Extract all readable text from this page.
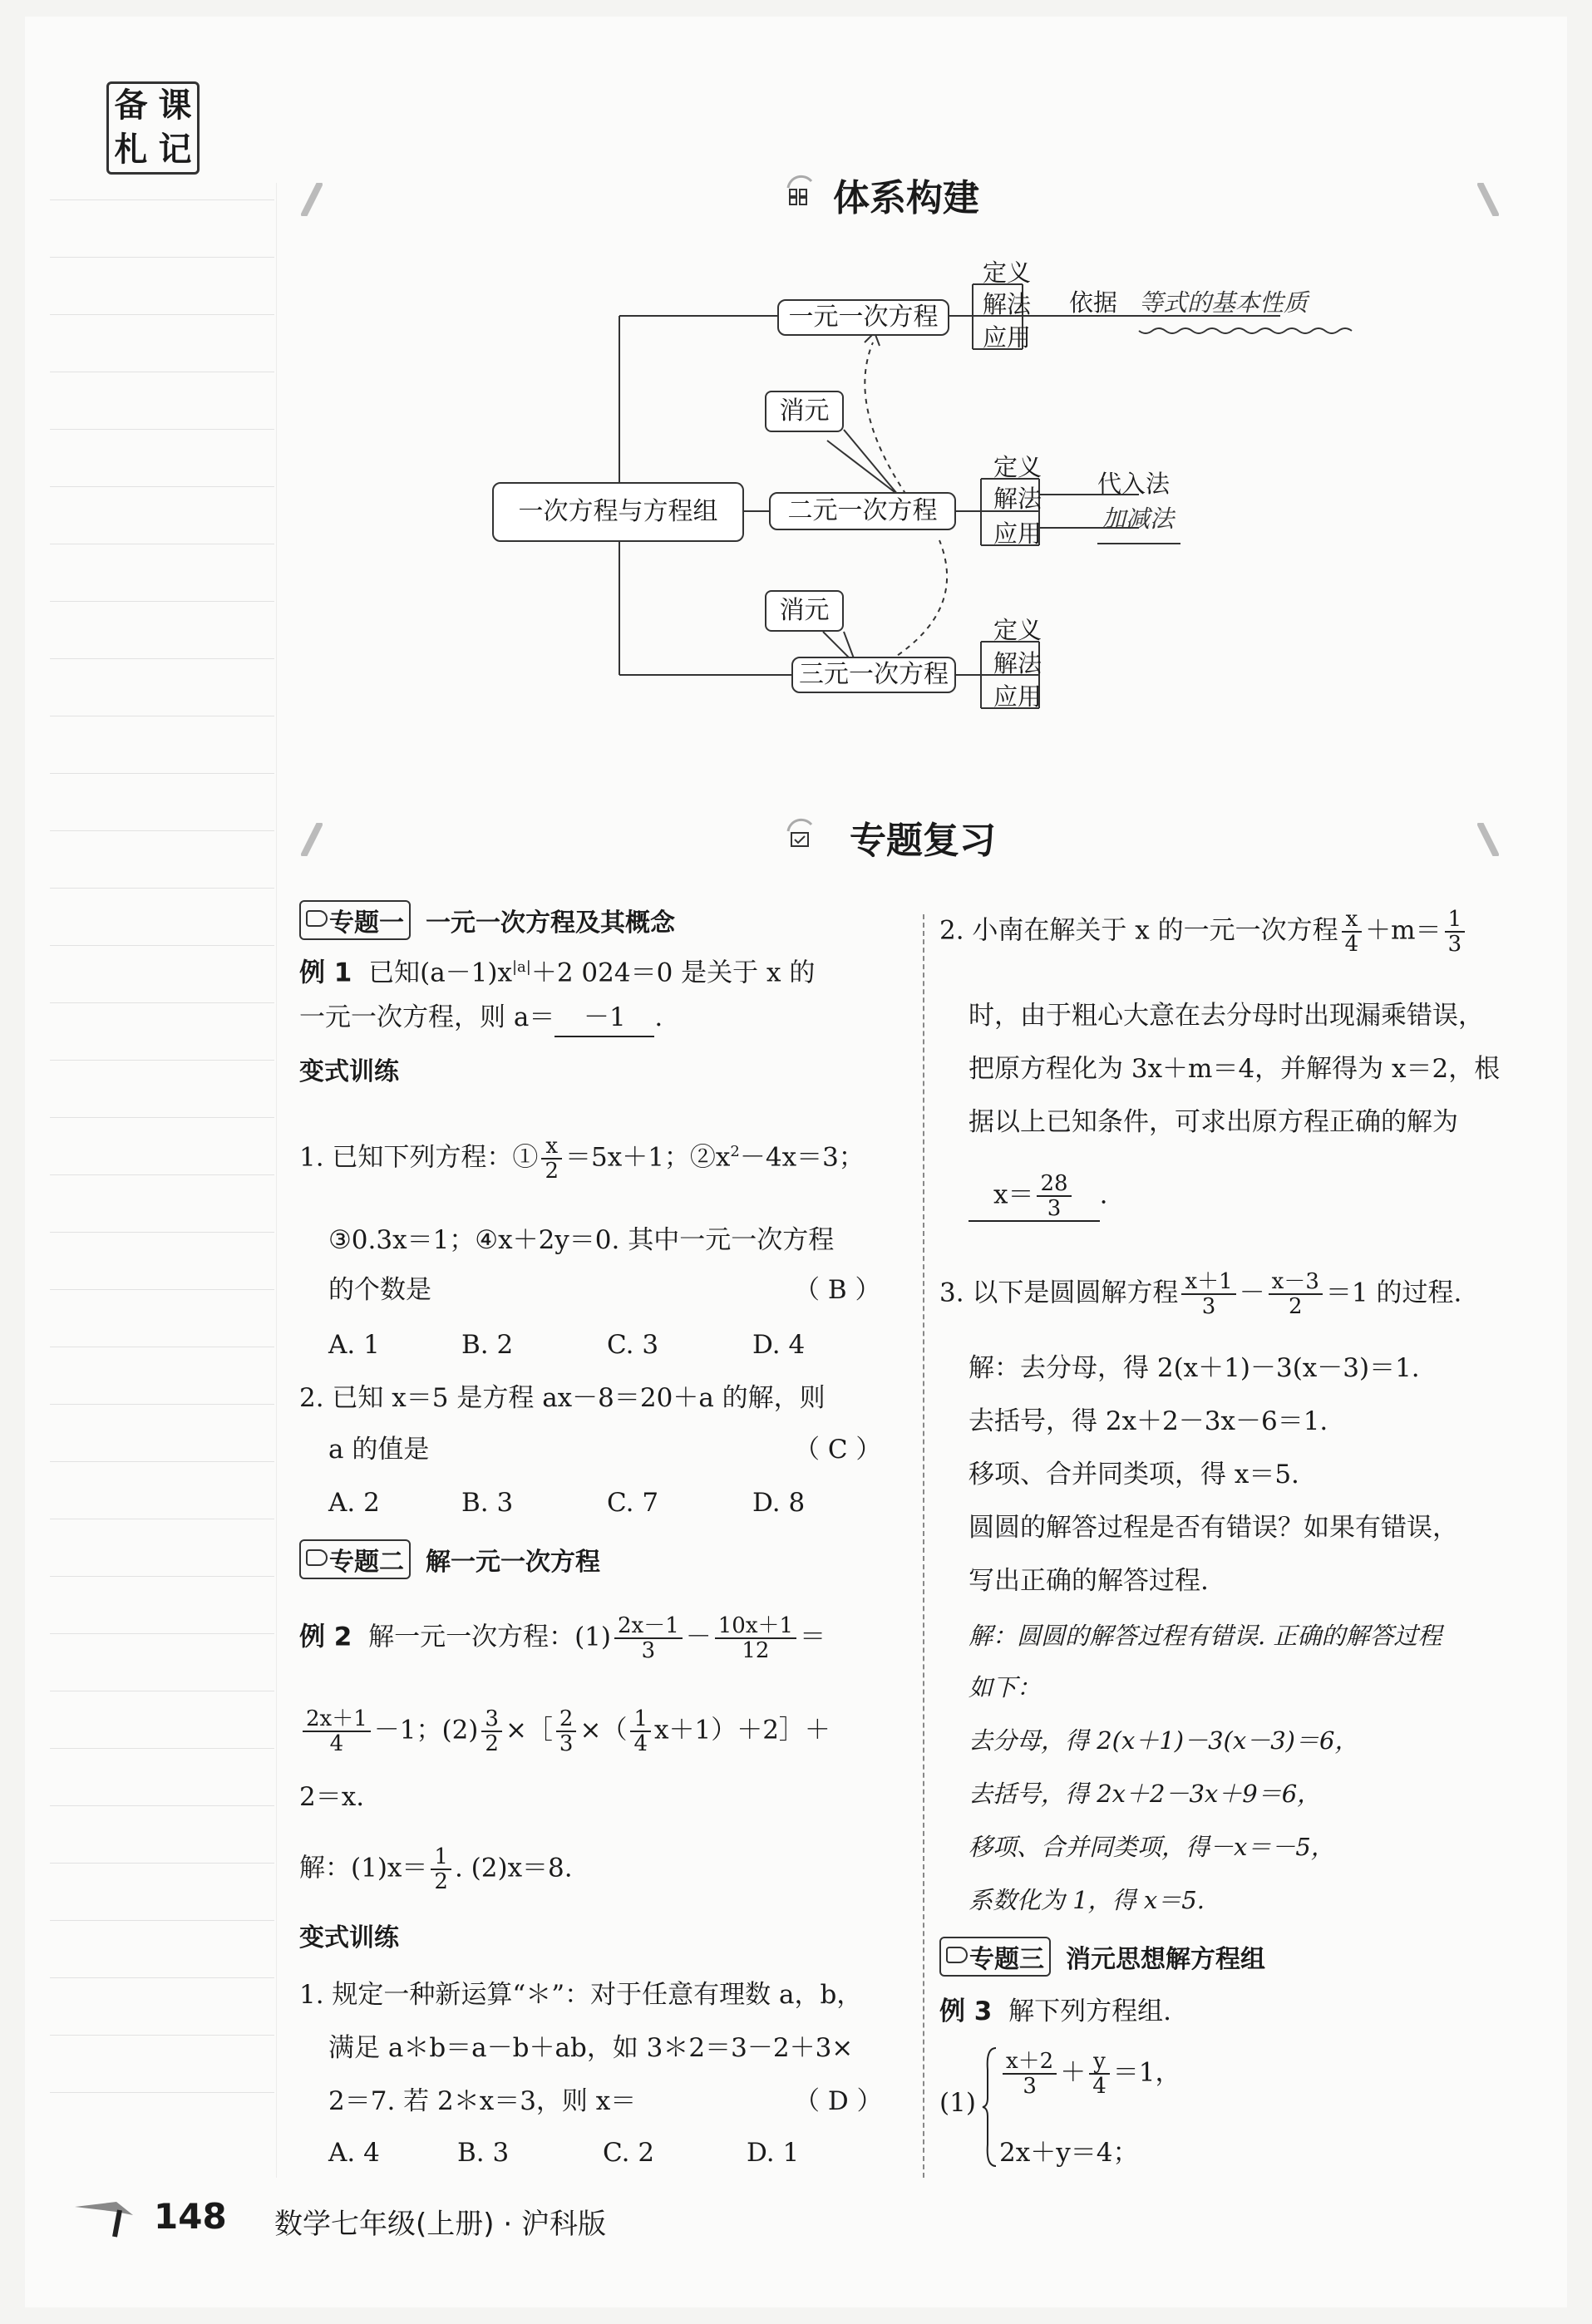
备 课
札 记
体系构建
一次方程与方程组
一元一次方程
二元一次方程
三元一次方程
消元
消元
定义
解法
应用
依据 等式的基本性质
定义
解法
应用
代入法
加减法
定义
解法
应用
专题复习
专题一 一元一次方程及其概念
例 1 已知$(a-1)x^{|a|}+2$ 024＝0 是关于 x 的
一元一次方程，则 a＝ －1 .
变式训练
1. 已知下列方程：① $\frac{x}{2} =5x+1$；$②x^2-4x=3$；
③0.3x＝1；④x＋2y＝0. 其中一元一次方程
的个数是	（ B ）
A. 1	B. 2	C. 3	D. 4
2. 已知 x＝5 是方程 ax－8＝20＋a 的解，则
a 的值是	（ C ）
A. 2	B. 3	C. 7	D. 8
专题二 解一元一次方程
例 2 解一元一次方程：$(1) \frac{2x-1}{3} - \frac{10x+1}{12}$ ＝
$\frac{2x+1}{4} -1$；$(2) \frac{3}{2}$ ×［ $\frac{2}{3}$ ×（ $\frac{1}{4}$ x＋1）＋2］＋
2＝x.
解：$(1)x= \frac{1}{2}$ . (2)x＝8.
变式训练
1. 规定一种新运算“＊”：对于任意有理数 a，b，
满足 a＊b＝a－b＋ab，如 3＊2＝3－2＋3×
2＝7. 若 2＊x＝3，则 x＝	（ D ）
A. 4	B. 3	C. 2	D. 1
2. 小南在解关于 x 的一元一次方程 $\frac{x}{4} +m= \frac{1}{3}$
时，由于粗心大意在去分母时出现漏乘错误，
把原方程化为 3x＋m＝4，并解得为 x＝2，根
据以上已知条件，可求出原方程正确的解为
$x= \frac{28}{3}$ .
3. 以下是圆圆解方程 $\frac{x+1}{3} - \frac{x-3}{2} =1$ 的过程.
解：去分母，得 2(x＋1)－3(x－3)＝1.
去括号，得 2x＋2－3x－6＝1.
移项、合并同类项，得 x＝5.
圆圆的解答过程是否有错误？如果有错误，
写出正确的解答过程.
解：圆圆的解答过程有错误. 正确的解答过程
如下：
去分母，得 2(x＋1)－3(x－3)＝6，
去括号，得 2x＋2－3x＋9＝6，
移项、合并同类项，得－x＝－5，
系数化为 1，得 x＝5.
专题三 消元思想解方程组
例 3 解下列方程组.
(1)
$\frac{x+2}{3} + \frac{y}{4} =1$，
2x＋y＝4；
148 数学七年级(上册) · 沪科版
